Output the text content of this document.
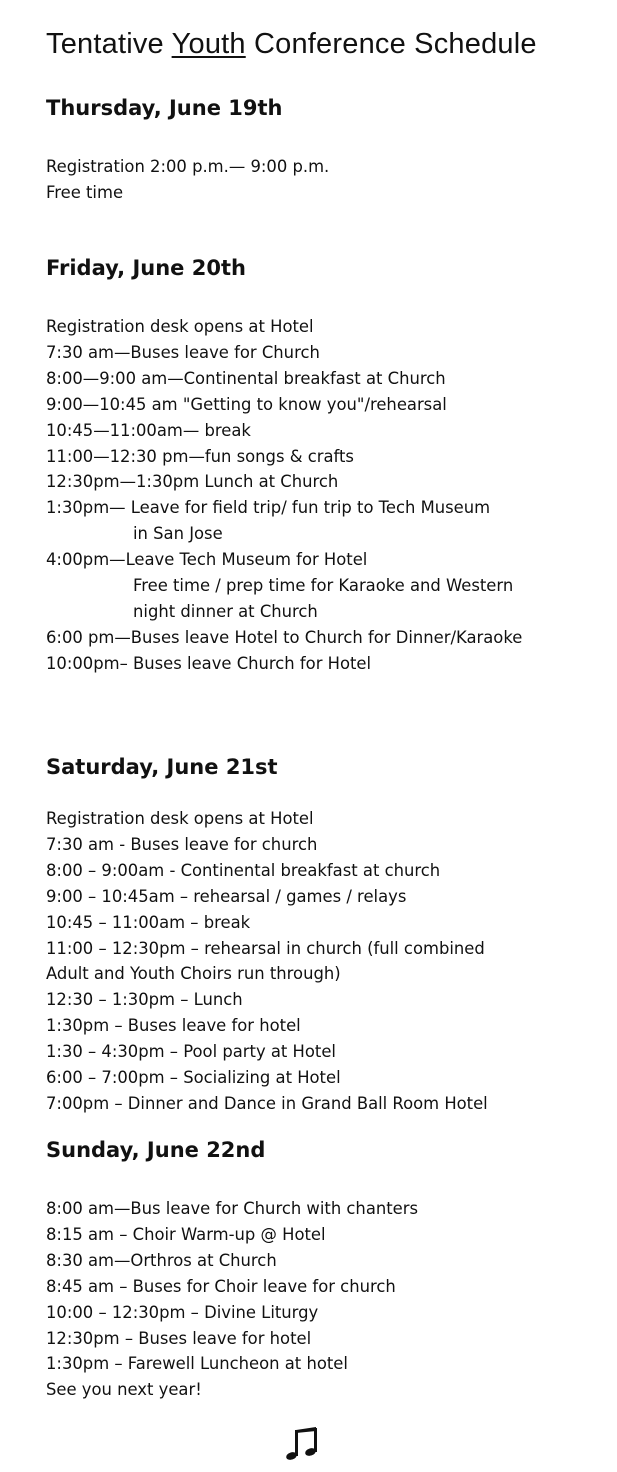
Tentative Youth Conference Schedule
Thursday, June 19th
Registration 2:00 p.m.— 9:00 p.m.
Free time
Friday, June 20th
Registration desk opens at Hotel
7:30 am—Buses leave for Church
8:00—9:00 am—Continental breakfast at Church
9:00—10:45 am "Getting to know you"/rehearsal
10:45—11:00am— break
11:00—12:30 pm—fun songs & crafts
12:30pm—1:30pm Lunch at Church
1:30pm— Leave for field trip/ fun trip to Tech Museum
in San Jose
4:00pm—Leave Tech Museum for Hotel
Free time / prep time for Karaoke and Western
night dinner at Church
6:00 pm—Buses leave Hotel to Church for Dinner/Karaoke
10:00pm– Buses leave Church for Hotel
Saturday, June 21st
Registration desk opens at Hotel
7:30 am - Buses leave for church
8:00 – 9:00am - Continental breakfast at church
9:00 – 10:45am – rehearsal / games / relays
10:45 – 11:00am – break
11:00 – 12:30pm – rehearsal in church (full combined
Adult and Youth Choirs run through)
12:30 – 1:30pm – Lunch
1:30pm – Buses leave for hotel
1:30 – 4:30pm – Pool party at Hotel
6:00 – 7:00pm – Socializing at Hotel
7:00pm – Dinner and Dance in Grand Ball Room Hotel
Sunday, June 22nd
8:00 am—Bus leave for Church with chanters
8:15 am – Choir Warm-up @ Hotel
8:30 am—Orthros at Church
8:45 am – Buses for Choir leave for church
10:00 – 12:30pm – Divine Liturgy
12:30pm – Buses leave for hotel
1:30pm – Farewell Luncheon at hotel
See you next year!
